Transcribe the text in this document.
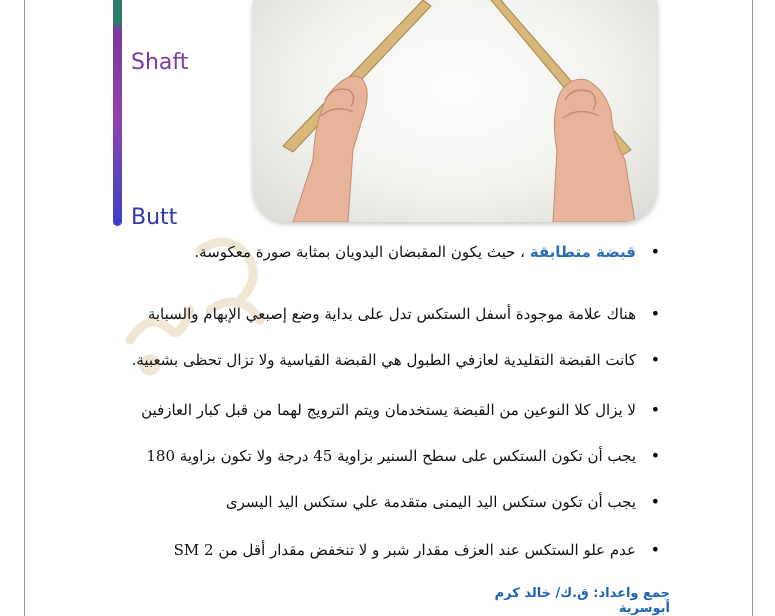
Shaft
Butt
• قبضة متطابقة ، حيث يكون المقبضان اليدويان بمثابة صورة معكوسة.
• هناك علامة موجودة أسفل الستكس تدل على بداية وضع إصبعي الإبهام والسبابة
• كانت القبضة التقليدية لعازفي الطبول هي القبضة القياسية ولا تزال تحظى بشعبية.
• لا يزال كلا النوعين من القبضة يستخدمان ويتم الترويج لهما من قبل كبار العازفين
• يجب أن تكون الستكس على سطح السنير بزاوية 45 درجة ولا تكون بزاوية 180
• يجب أن تكون ستكس اليد اليمنى متقدمة علي ستكس اليد اليسرى
• عدم علو الستكس عند العزف مقدار شبر و لا تنخفض مقدار أقل من 2 SM
جمع واعداد: ق.ك/ خالد كرم أبوسرية
